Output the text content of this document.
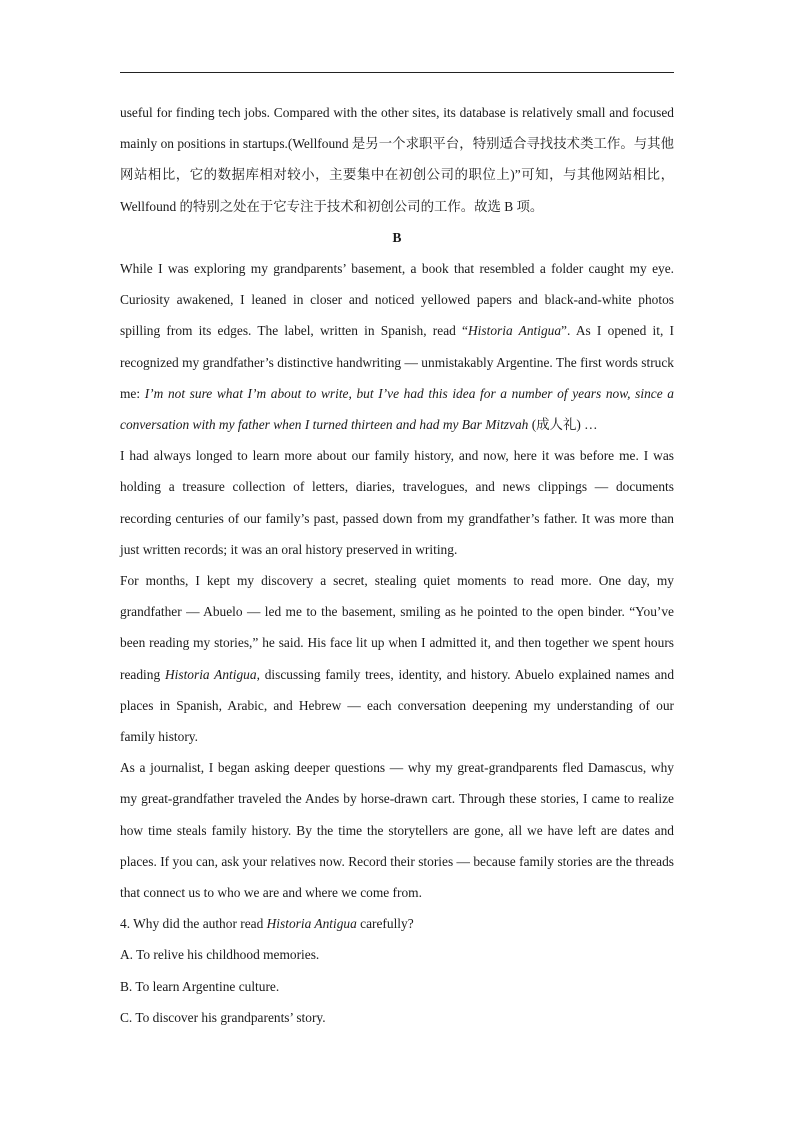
useful for finding tech jobs. Compared with the other sites, its database is relatively small and focused mainly on positions in startups.(Wellfound 是另一个求职平台，特别适合寻找技术类工作。与其他网站相比，它的数据库相对较小，主要集中在初创公司的职位上)”可知，与其他网站相比，Wellfound 的特别之处在于它专注于技术和初创公司的工作。故选 B 项。

B

While I was exploring my grandparents’ basement, a book that resembled a folder caught my eye. Curiosity awakened, I leaned in closer and noticed yellowed papers and black-and-white photos spilling from its edges. The label, written in Spanish, read “Historia Antigua”. As I opened it, I recognized my grandfather’s distinctive handwriting — unmistakably Argentine. The first words struck me: I’m not sure what I’m about to write, but I’ve had this idea for a number of years now, since a conversation with my father when I turned thirteen and had my Bar Mitzvah (成人礼) …

I had always longed to learn more about our family history, and now, here it was before me. I was holding a treasure collection of letters, diaries, travelogues, and news clippings — documents recording centuries of our family’s past, passed down from my grandfather’s father. It was more than just written records; it was an oral history preserved in writing.

For months, I kept my discovery a secret, stealing quiet moments to read more. One day, my grandfather — Abuelo — led me to the basement, smiling as he pointed to the open binder. “You’ve been reading my stories,” he said. His face lit up when I admitted it, and then together we spent hours reading Historia Antigua, discussing family trees, identity, and history. Abuelo explained names and places in Spanish, Arabic, and Hebrew — each conversation deepening my understanding of our family history.

As a journalist, I began asking deeper questions — why my great-grandparents fled Damascus, why my great-grandfather traveled the Andes by horse-drawn cart. Through these stories, I came to realize how time steals family history. By the time the storytellers are gone, all we have left are dates and places. If you can, ask your relatives now. Record their stories — because family stories are the threads that connect us to who we are and where we come from.

4. Why did the author read Historia Antigua carefully?

A. To relive his childhood memories.

B. To learn Argentine culture.

C. To discover his grandparents’ story.
